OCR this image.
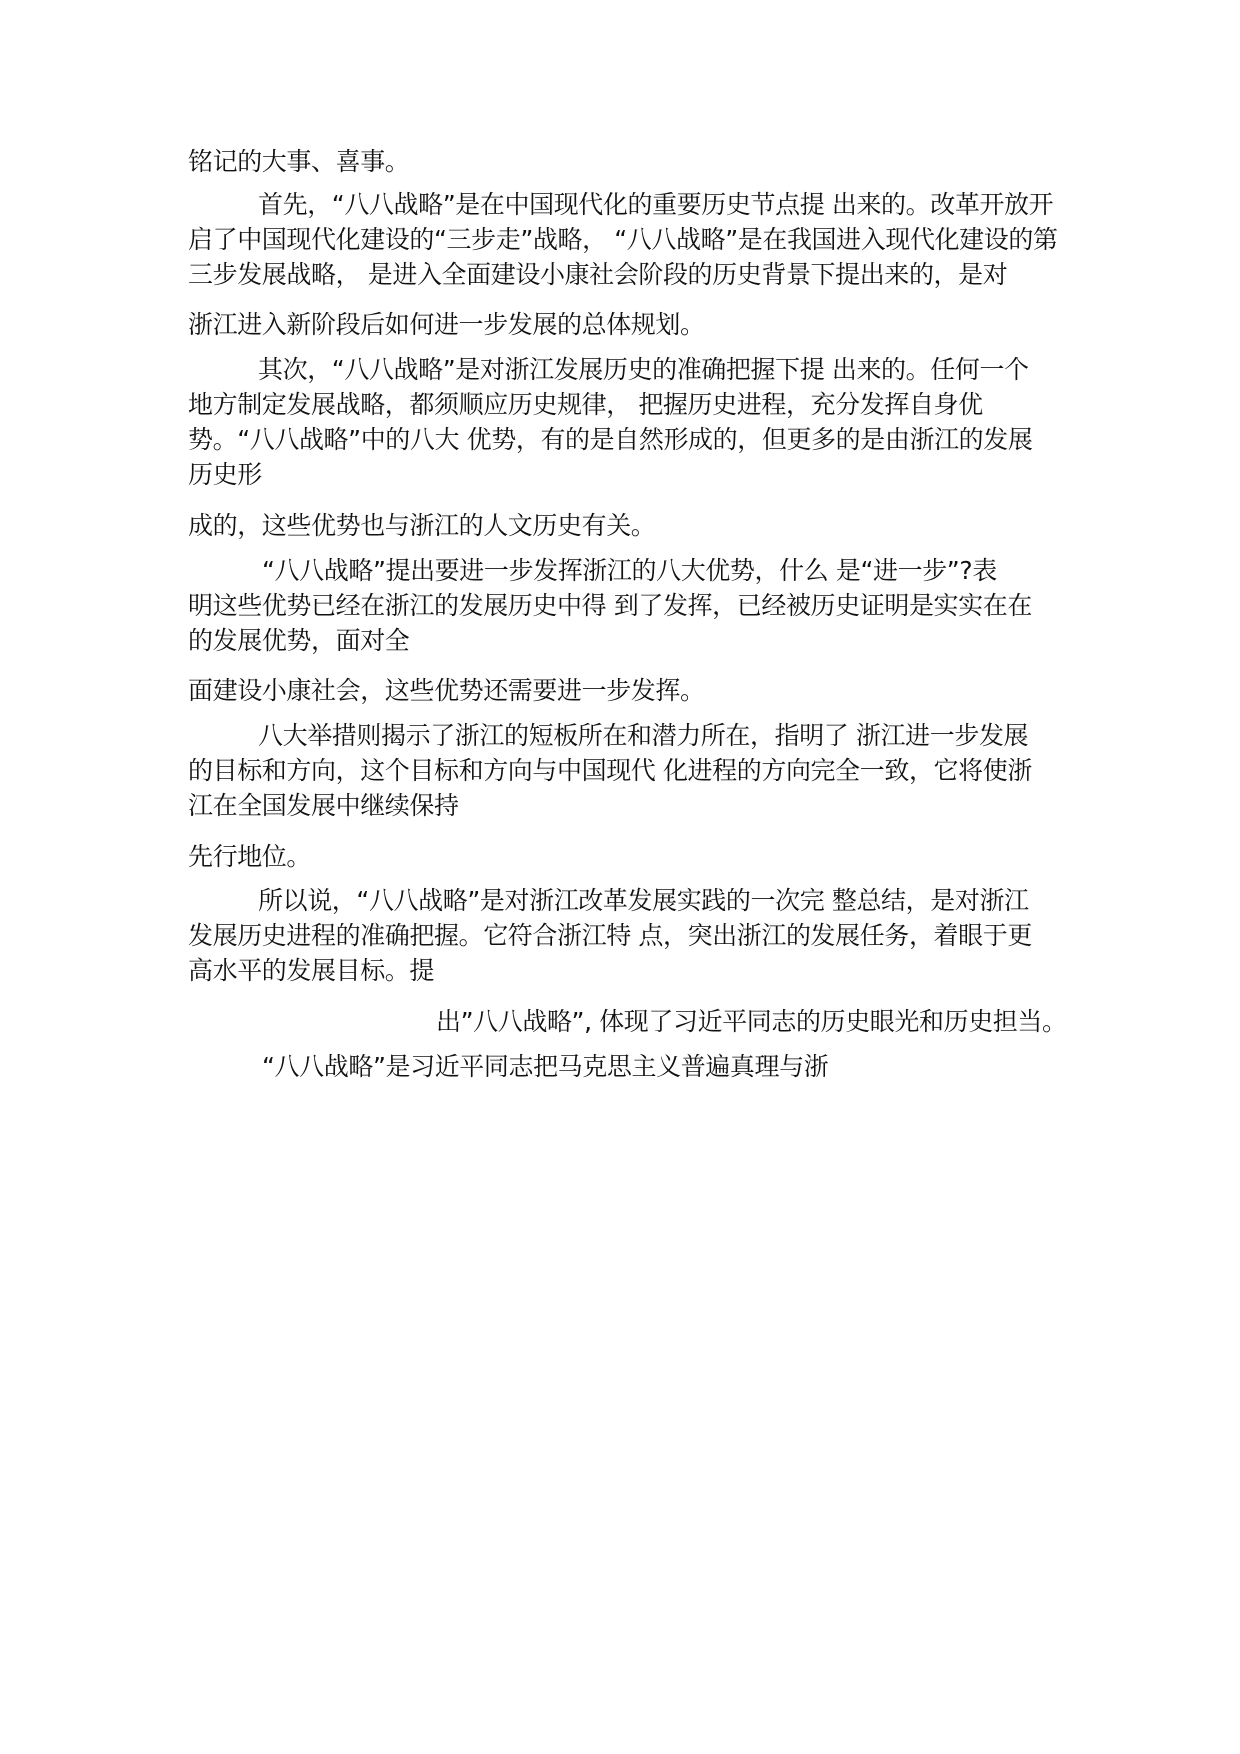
铭记的大事、喜事。
首先，“八八战略”是在中国现代化的重要历史节点提 出来的。改革开放开
启了中国现代化建设的“三步走”战略， “八八战略”是在我国进入现代化建设的第
三步发展战略， 是进入全面建设小康社会阶段的历史背景下提出来的，是对
浙江进入新阶段后如何进一步发展的总体规划。
其次，“八八战略”是对浙江发展历史的准确把握下提 出来的。任何一个
地方制定发展战略，都须顺应历史规律， 把握历史进程，充分发挥自身优
势。“八八战略”中的八大 优势，有的是自然形成的，但更多的是由浙江的发展
历史形
成的，这些优势也与浙江的人文历史有关。
“八八战略”提出要进一步发挥浙江的八大优势，什么 是“进一步”?表
明这些优势已经在浙江的发展历史中得 到了发挥，已经被历史证明是实实在在
的发展优势，面对全
面建设小康社会，这些优势还需要进一步发挥。
八大举措则揭示了浙江的短板所在和潜力所在，指明了 浙江进一步发展
的目标和方向，这个目标和方向与中国现代 化进程的方向完全一致，它将使浙
江在全国发展中继续保持
先行地位。
所以说，“八八战略”是对浙江改革发展实践的一次完 整总结，是对浙江
发展历史进程的准确把握。它符合浙江特 点，突出浙江的发展任务，着眼于更
高水平的发展目标。提
出”八八战略”, 体现了习近平同志的历史眼光和历史担当。
“八八战略”是习近平同志把马克思主义普遍真理与浙
